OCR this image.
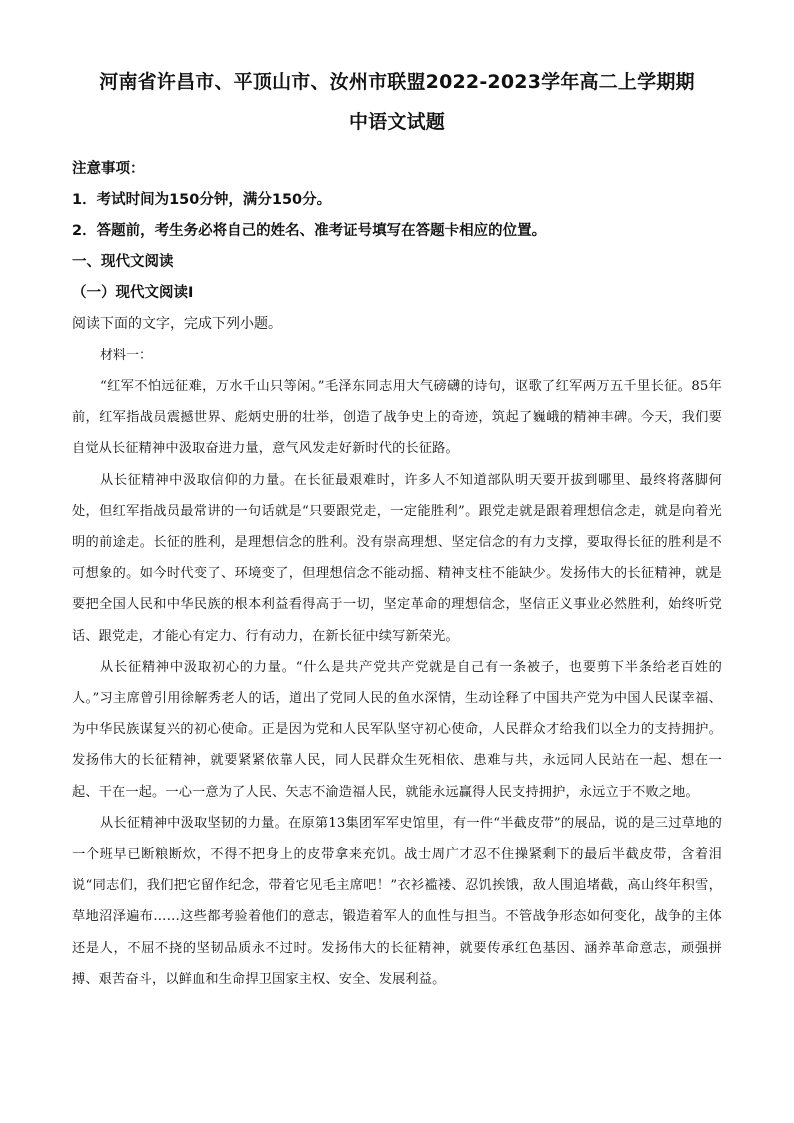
河南省许昌市、平顶山市、汝州市联盟2022-2023学年高二上学期期
中语文试题

注意事项：

1．考试时间为150分钟，满分150分。

2．答题前，考生务必将自己的姓名、准考证号填写在答题卡相应的位置。

一、现代文阅读

（一）现代文阅读Ⅰ

阅读下面的文字，完成下列小题。

材料一：

“红军不怕远征难，万水千山只等闲。”毛泽东同志用大气磅礴的诗句，讴歌了红军两万五千里长征。85年前，红军指战员震撼世界、彪炳史册的壮举，创造了战争史上的奇迹，筑起了巍峨的精神丰碑。今天，我们要自觉从长征精神中汲取奋进力量，意气风发走好新时代的长征路。

从长征精神中汲取信仰的力量。在长征最艰难时，许多人不知道部队明天要开拔到哪里、最终将落脚何处，但红军指战员最常讲的一句话就是“只要跟党走，一定能胜利”。跟党走就是跟着理想信念走，就是向着光明的前途走。长征的胜利，是理想信念的胜利。没有崇高理想、坚定信念的有力支撑，要取得长征的胜利是不可想象的。如今时代变了、环境变了，但理想信念不能动摇、精神支柱不能缺少。发扬伟大的长征精神，就是要把全国人民和中华民族的根本利益看得高于一切，坚定革命的理想信念，坚信正义事业必然胜利，始终听党话、跟党走，才能心有定力、行有动力，在新长征中续写新荣光。

从长征精神中汲取初心的力量。“什么是共产党共产党就是自己有一条被子，也要剪下半条给老百姓的人。”习主席曾引用徐解秀老人的话，道出了党同人民的鱼水深情，生动诠释了中国共产党为中国人民谋幸福、为中华民族谋复兴的初心使命。正是因为党和人民军队坚守初心使命，人民群众才给我们以全力的支持拥护。发扬伟大的长征精神，就要紧紧依靠人民，同人民群众生死相依、患难与共，永远同人民站在一起、想在一起、干在一起。一心一意为了人民、矢志不渝造福人民，就能永远赢得人民支持拥护，永远立于不败之地。

从长征精神中汲取坚韧的力量。在原第13集团军军史馆里，有一件“半截皮带”的展品，说的是三过草地的一个班早已断粮断炊，不得不把身上的皮带拿来充饥。战士周广才忍不住操紧剩下的最后半截皮带，含着泪说“同志们，我们把它留作纪念，带着它见毛主席吧！”衣衫褴褛、忍饥挨饿，敌人围追堵截，高山终年积雪，草地沼泽遍布……这些都考验着他们的意志，锻造着军人的血性与担当。不管战争形态如何变化，战争的主体还是人，不屈不挠的坚韧品质永不过时。发扬伟大的长征精神，就要传承红色基因、涵养革命意志，顽强拼搏、艰苦奋斗，以鲜血和生命捍卫国家主权、安全、发展利益。
